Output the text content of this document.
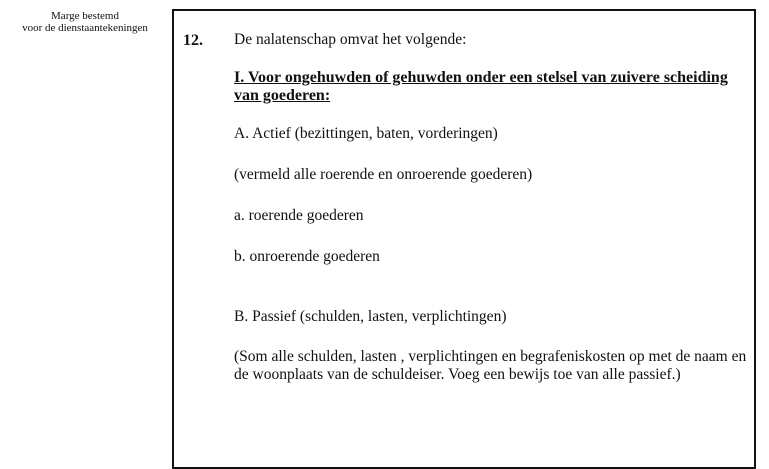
Marge bestemd
voor de dienstaantekeningen
12. De nalatenschap omvat het volgende:

I. Voor ongehuwden of gehuwden onder een stelsel van zuivere scheiding van goederen:

A. Actief (bezittingen, baten, vorderingen)

(vermeld alle roerende en onroerende goederen)

a. roerende goederen

b. onroerende goederen

B. Passief (schulden, lasten, verplichtingen)

(Som alle schulden, lasten , verplichtingen en begrafeniskosten op met de naam en de woonplaats van de schuldeiser. Voeg een bewijs toe van alle passief.)
